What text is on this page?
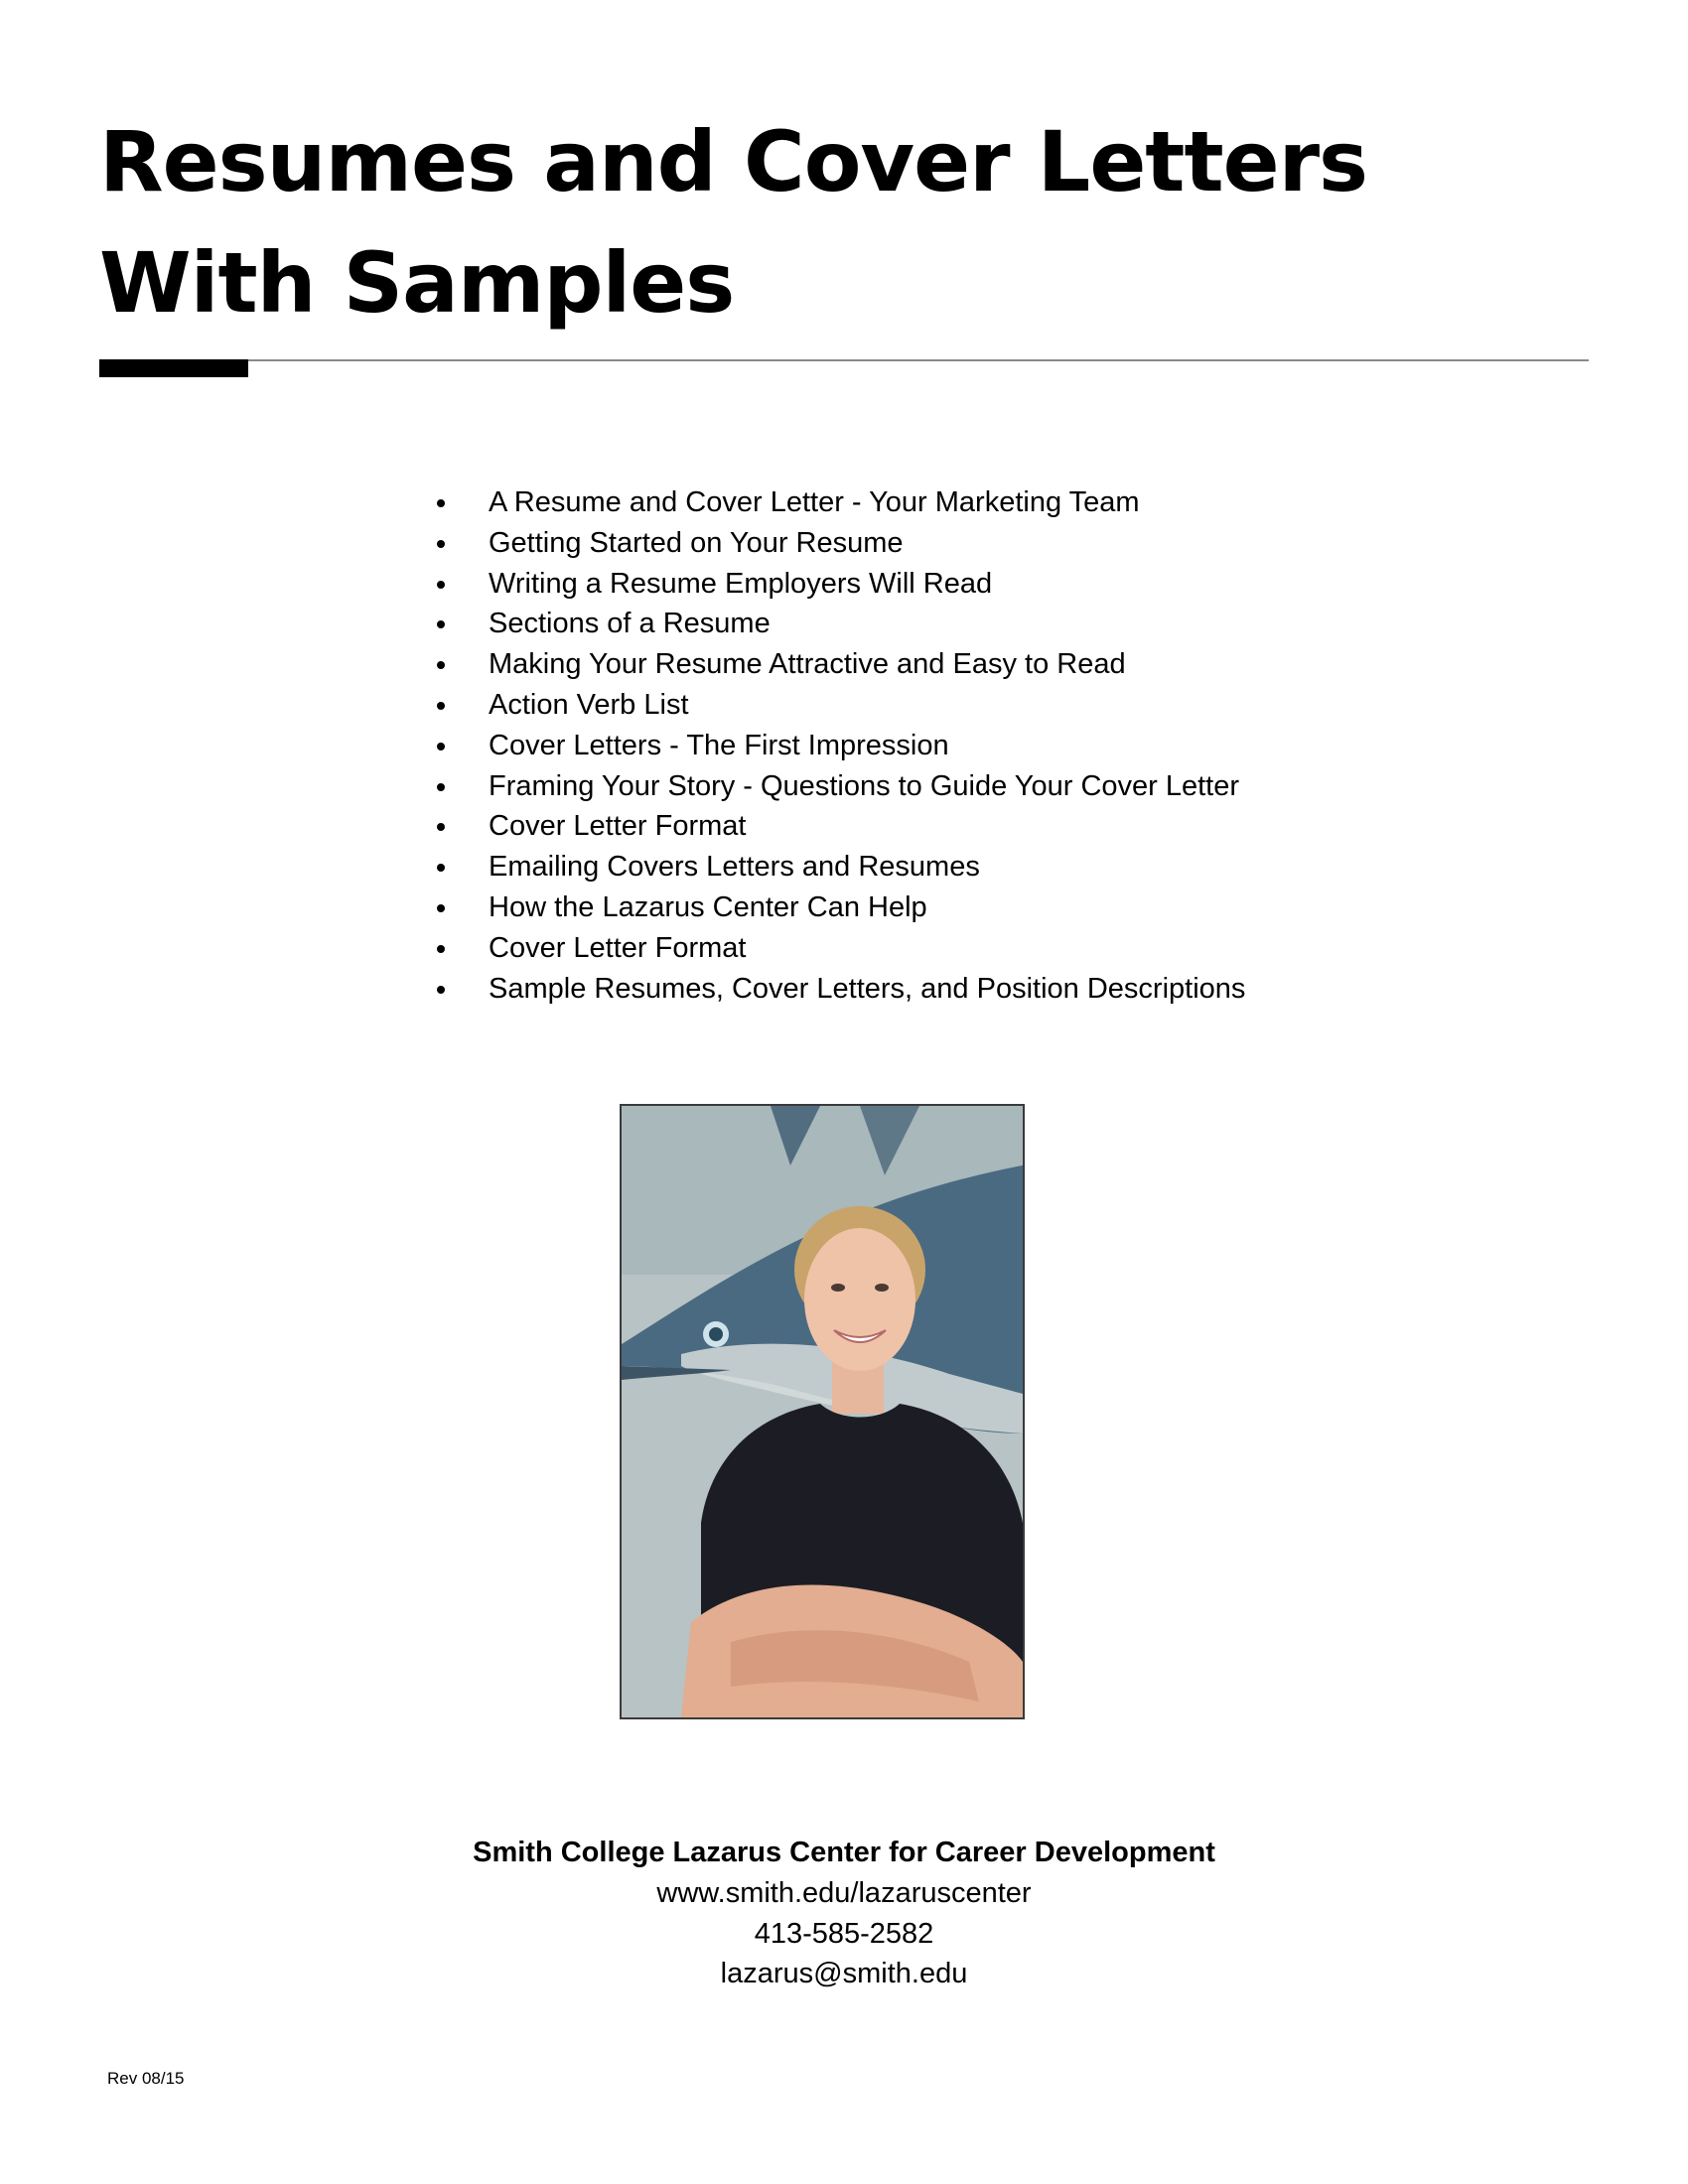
Resumes and Cover Letters
With Samples
A Resume and Cover Letter - Your Marketing Team
Getting Started on Your Resume
Writing a Resume Employers Will Read
Sections of a Resume
Making Your Resume Attractive and Easy to Read
Action Verb List
Cover Letters - The First Impression
Framing Your Story - Questions to Guide Your Cover Letter
Cover Letter Format
Emailing Covers Letters and Resumes
How the Lazarus Center Can Help
Cover Letter Format
Sample Resumes, Cover Letters, and Position Descriptions
Smith College Lazarus Center for Career Development
www.smith.edu/lazaruscenter
413-585-2582
lazarus@smith.edu
Rev 08/15
